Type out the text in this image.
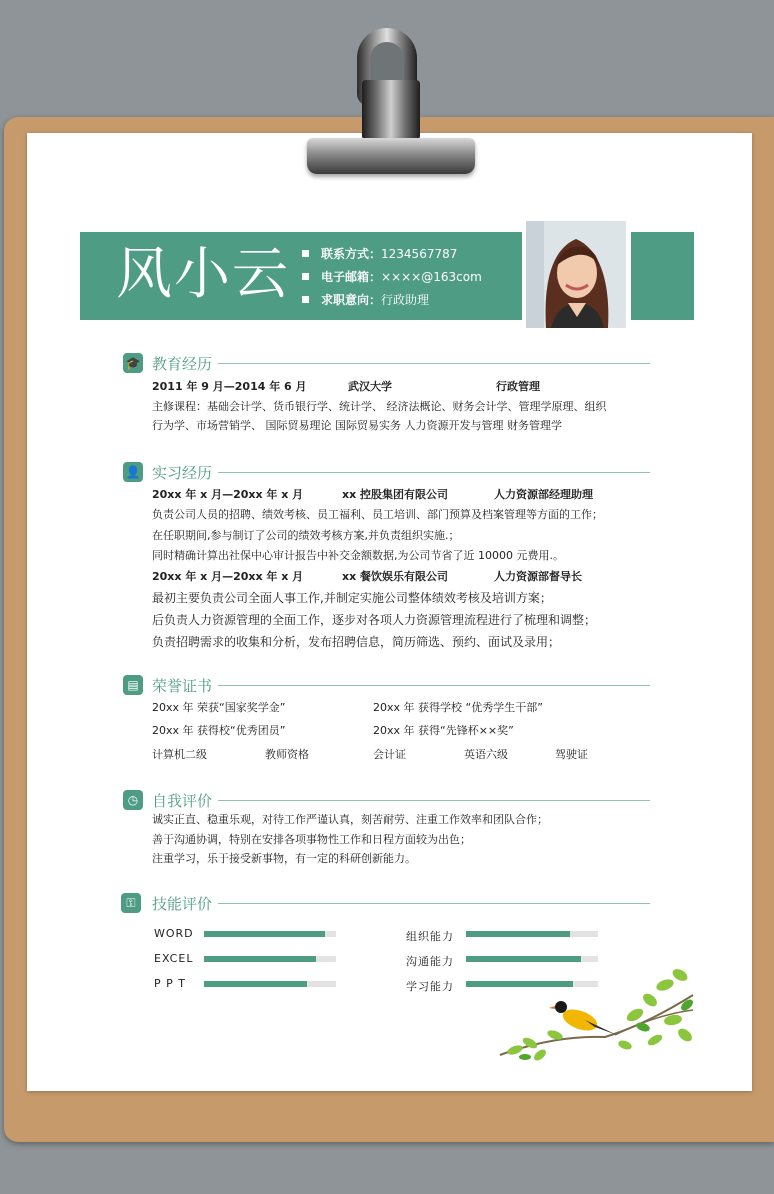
风小云	联系方式：1234567787
电子邮箱：××××@163com
求职意向：行政助理
🎓 教育经历
2011 年 9 月—2014 年 6 月	武汉大学	行政管理
主修课程：基础会计学、货币银行学、统计学、 经济法概论、财务会计学、管理学原理、组织
行为学、市场营销学、 国际贸易理论 国际贸易实务 人力资源开发与管理 财务管理学
👤 实习经历
20xx 年 x 月—20xx 年 x 月	xx 控股集团有限公司	人力资源部经理助理
负责公司人员的招聘、绩效考核、员工福利、员工培训、部门预算及档案管理等方面的工作；
在任职期间,参与制订了公司的绩效考核方案,并负责组织实施.；
同时精确计算出社保中心审计报告中补交金额数据,为公司节省了近 10000 元费用.。
20xx 年 x 月—20xx 年 x 月	xx 餐饮娱乐有限公司	人力资源部督导长
最初主要负责公司全面人事工作,并制定实施公司整体绩效考核及培训方案；
后负责人力资源管理的全面工作，逐步对各项人力资源管理流程进行了梳理和调整；
负责招聘需求的收集和分析，发布招聘信息，简历筛选、预约、面试及录用；
▤ 荣誉证书
20xx 年 荣获“国家奖学金”	20xx 年 获得学校 “优秀学生干部”
20xx 年 获得校“优秀团员”	20xx 年 获得“先锋杯××奖”
计算机二级	教师资格	会计证	英语六级	驾驶证
◷ 自我评价
诚实正直、稳重乐观，对待工作严谨认真，刻苦耐劳、注重工作效率和团队合作；
善于沟通协调，特别在安排各项事物性工作和日程方面较为出色；
注重学习，乐于接受新事物，有一定的科研创新能力。
⚿	技能评价
WORD
EXCEL
P P T
组织能力
沟通能力
学习能力
